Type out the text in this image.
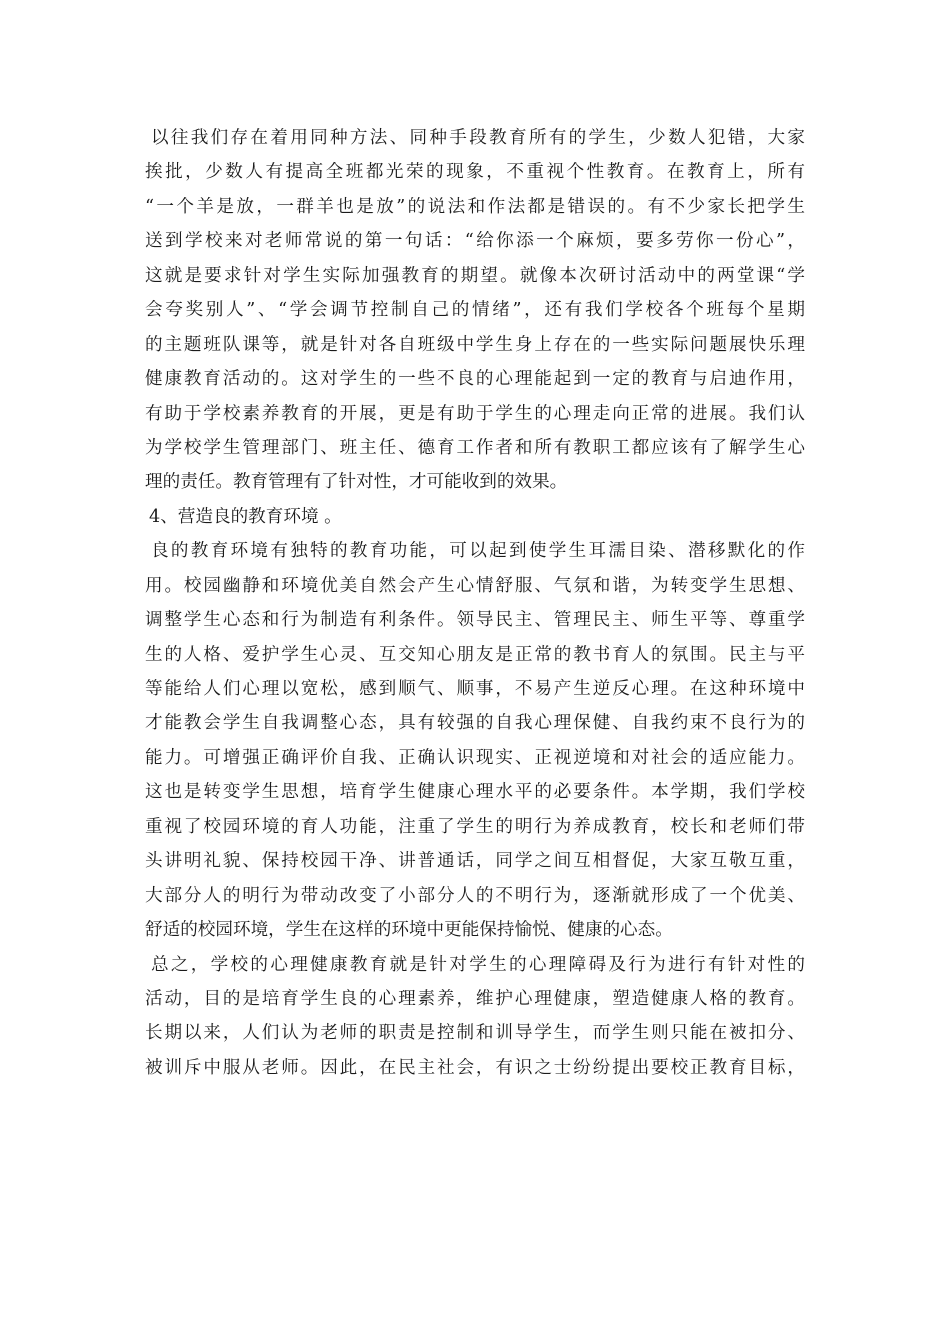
以往我们存在着用同种方法、同种手段教育所有的学生，少数人犯错，大家
挨批，少数人有提高全班都光荣的现象，不重视个性教育。在教育上，所有
“一个羊是放，一群羊也是放”的说法和作法都是错误的。有不少家长把学生
送到学校来对老师常说的第一句话：“给你添一个麻烦，要多劳你一份心”，
这就是要求针对学生实际加强教育的期望。就像本次研讨活动中的两堂课“学
会夸奖别人”、“学会调节控制自己的情绪”，还有我们学校各个班每个星期
的主题班队课等，就是针对各自班级中学生身上存在的一些实际问题展快乐理
健康教育活动的。这对学生的一些不良的心理能起到一定的教育与启迪作用，
有助于学校素养教育的开展，更是有助于学生的心理走向正常的进展。我们认
为学校学生管理部门、班主任、德育工作者和所有教职工都应该有了解学生心
理的责任。教育管理有了针对性，才可能收到的效果。
4、营造良的教育环境 。
良的教育环境有独特的教育功能，可以起到使学生耳濡目染、潜移默化的作
用。校园幽静和环境优美自然会产生心情舒服、气氛和谐，为转变学生思想、
调整学生心态和行为制造有利条件。领导民主、管理民主、师生平等、尊重学
生的人格、爱护学生心灵、互交知心朋友是正常的教书育人的氛围。民主与平
等能给人们心理以宽松，感到顺气、顺事，不易产生逆反心理。在这种环境中
才能教会学生自我调整心态，具有较强的自我心理保健、自我约束不良行为的
能力。可增强正确评价自我、正确认识现实、正视逆境和对社会的适应能力。
这也是转变学生思想，培育学生健康心理水平的必要条件。本学期，我们学校
重视了校园环境的育人功能，注重了学生的明行为养成教育，校长和老师们带
头讲明礼貌、保持校园干净、讲普通话，同学之间互相督促，大家互敬互重，
大部分人的明行为带动改变了小部分人的不明行为，逐渐就形成了一个优美、
舒适的校园环境，学生在这样的环境中更能保持愉悦、健康的心态。
总之，学校的心理健康教育就是针对学生的心理障碍及行为进行有针对性的
活动，目的是培育学生良的心理素养，维护心理健康，塑造健康人格的教育。
长期以来，人们认为老师的职责是控制和训导学生，而学生则只能在被扣分、
被训斥中服从老师。因此，在民主社会，有识之士纷纷提出要校正教育目标，
